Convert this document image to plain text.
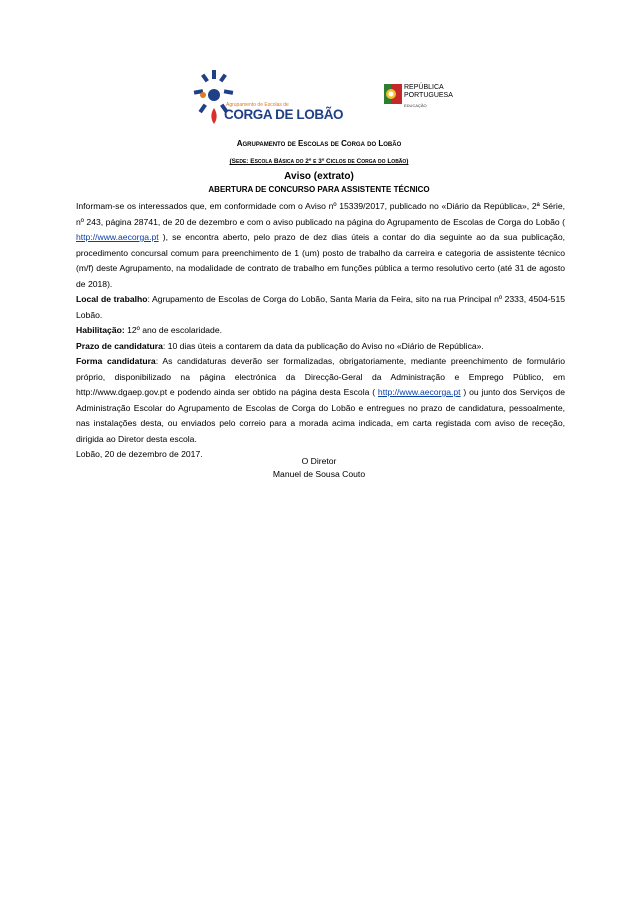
Agrupamento de Escolas de
CORGA DE LOBÃO
REPÚBLICA
PORTUGUESA
EDUCAÇÃO
Agrupamento de Escolas de Corga do Lobão
(Sede: Escola Básica do 2º e 3º Ciclos de Corga do Lobão)
Aviso (extrato)
ABERTURA DE CONCURSO PARA ASSISTENTE TÉCNICO

Informam-se os interessados que, em conformidade com o Aviso nº 15339/2017, publicado no «Diário da República», 2ª Série, nº 243, página 28741, de 20 de dezembro e com o aviso publicado na página do Agrupamento de Escolas de Corga do Lobão ( http://www.aecorga.pt ), se encontra aberto, pelo prazo de dez dias úteis a contar do dia seguinte ao da sua publicação, procedimento concursal comum para preenchimento de 1 (um) posto de trabalho da carreira e categoria de assistente técnico (m/f) deste Agrupamento, na modalidade de contrato de trabalho em funções pública a termo resolutivo certo (até 31 de agosto de 2018).

Local de trabalho: Agrupamento de Escolas de Corga do Lobão, Santa Maria da Feira, sito na rua Principal nº 2333, 4504-515 Lobão.

Habilitação: 12º ano de escolaridade.

Prazo de candidatura: 10 dias úteis a contarem da data da publicação do Aviso no «Diário de República».

Forma candidatura: As candidaturas deverão ser formalizadas, obrigatoriamente, mediante preenchimento de formulário próprio, disponibilizado na página electrónica da Direcção-Geral da Administração e Emprego Público, em http://www.dgaep.gov.pt e podendo ainda ser obtido na página desta Escola ( http://www.aecorga.pt ) ou junto dos Serviços de Administração Escolar do Agrupamento de Escolas de Corga do Lobão e entregues no prazo de candidatura, pessoalmente, nas instalações desta, ou enviados pelo correio para a morada acima indicada, em carta registada com aviso de receção, dirigida ao Diretor desta escola.

Lobão, 20 de dezembro de 2017.

O Diretor
Manuel de Sousa Couto
